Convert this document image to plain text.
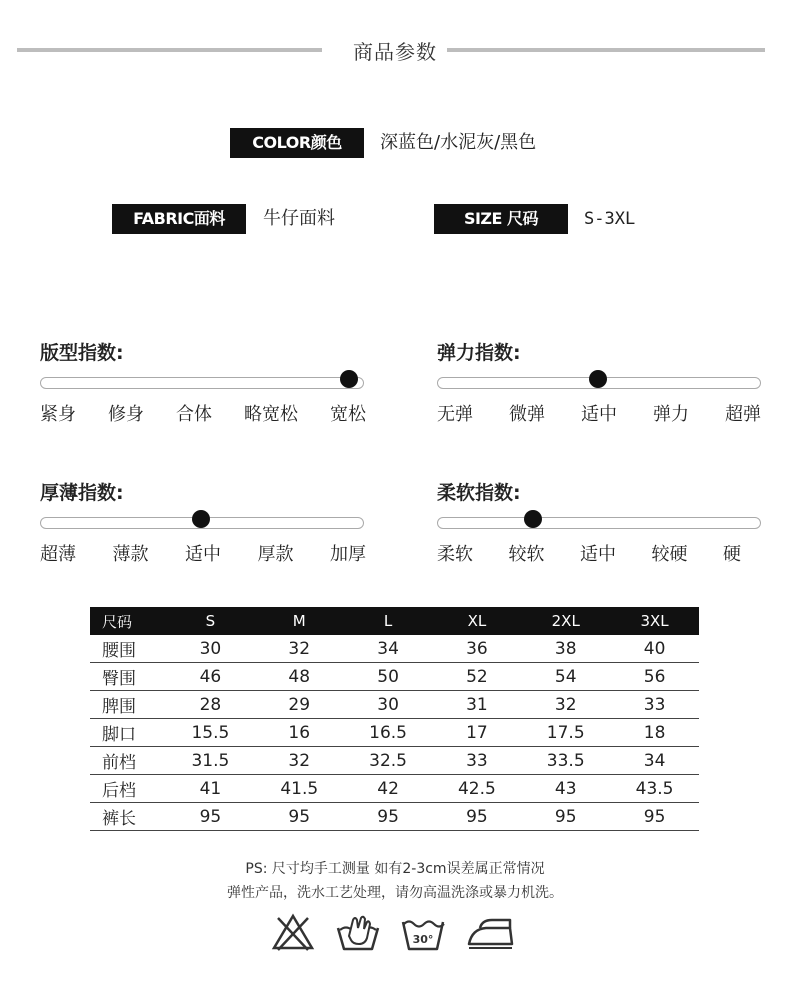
商品参数
COLOR颜色	深蓝色/水泥灰/黑色
FABRIC面料	牛仔面料	SIZE 尺码	S-3XL
版型指数:
紧身 修身 合体 略宽松 宽松
弹力指数:
无弹 微弹 适中 弹力 超弹
厚薄指数:
超薄 薄款 适中 厚款 加厚
柔软指数:
柔软 较软 适中 较硬 硬
尺码	S	M	L	XL	2XL	3XL
腰围	30	32	34	36	38	40
臀围	46	48	50	52	54	56
脾围	28	29	30	31	32	33
脚口	15.5	16	16.5	17	17.5	18
前档	31.5	32	32.5	33	33.5	34
后档	41	41.5	42	42.5	43	43.5
裤长	95	95	95	95	95	95
PS: 尺寸均手工测量 如有2-3cm误差属正常情况
弹性产品，洗水工艺处理，请勿高温洗涤或暴力机洗。
30°
